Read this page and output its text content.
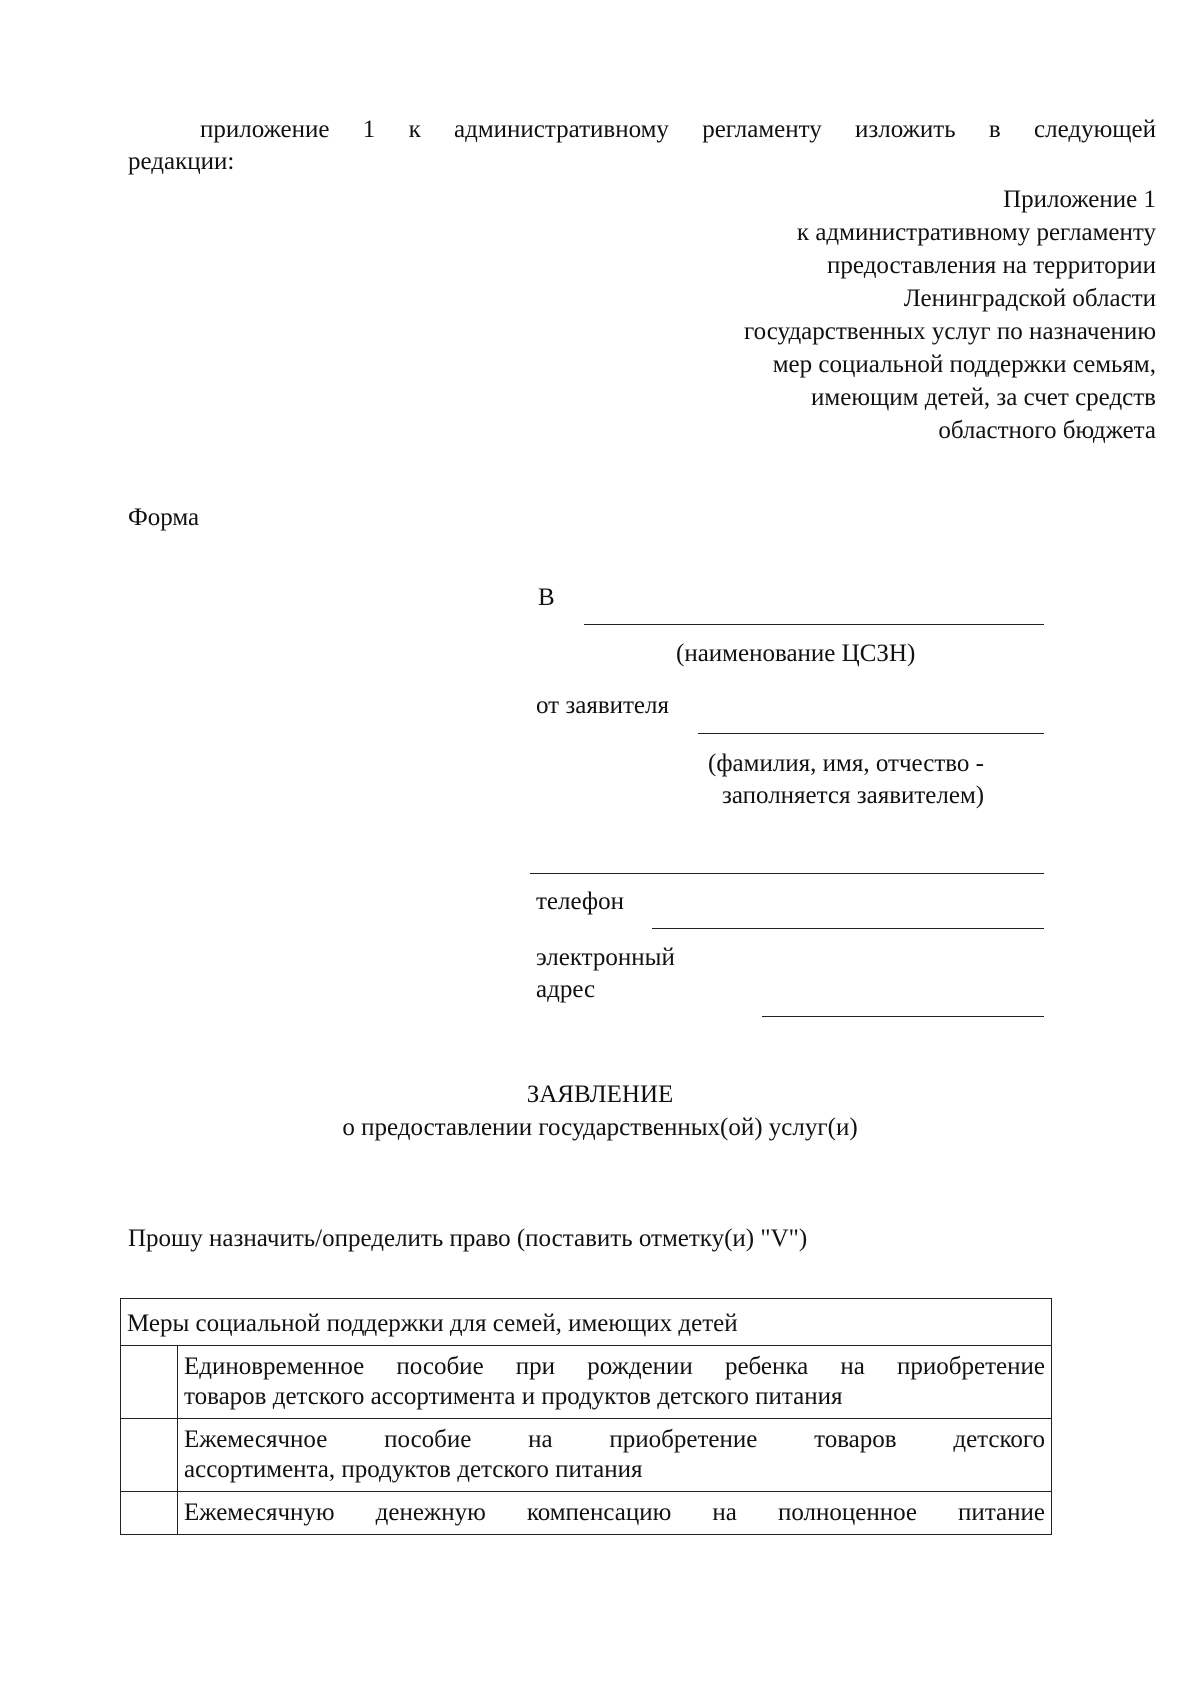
приложение 1 к административному регламенту изложить в следующей
редакции:
Приложение 1
к административному регламенту
предоставления на территории
Ленинградской области
государственных услуг по назначению
мер социальной поддержки семьям,
имеющим детей, за счет средств
областного бюджета
Форма
В
(наименование ЦСЗН)
от заявителя
(фамилия, имя, отчество -
заполняется заявителем)
телефон
электронный
адрес
ЗАЯВЛЕНИЕ
о предоставлении государственных(ой) услуг(и)
Прошу назначить/определить право (поставить отметку(и) "V")
Меры социальной поддержки для семей, имеющих детей	

	Единовременное пособие при рождении ребенка на приобретение
товаров детского ассортимента и продуктов детского питания

	Ежемесячное пособие на приобретение товаров детского
ассортимента, продуктов детского питания

	Ежемесячную денежную компенсацию на полноценное питание
